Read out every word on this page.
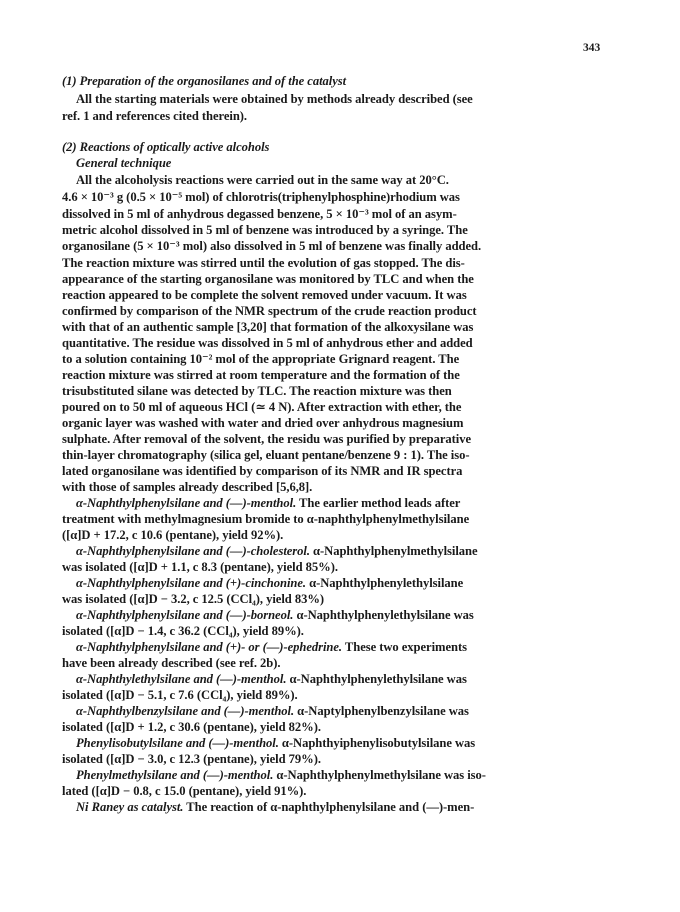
343
(1) Preparation of the organosilanes and of the catalyst
All the starting materials were obtained by methods already described (see
ref. 1 and references cited therein).
(2) Reactions of optically active alcohols
General technique
All the alcoholysis reactions were carried out in the same way at 20°C.
4.6 × 10⁻³ g (0.5 × 10⁻⁵ mol) of chlorotris(triphenylphosphine)rhodium was
dissolved in 5 ml of anhydrous degassed benzene, 5 × 10⁻³ mol of an asym-
metric alcohol dissolved in 5 ml of benzene was introduced by a syringe. The
organosilane (5 × 10⁻³ mol) also dissolved in 5 ml of benzene was finally added.
The reaction mixture was stirred until the evolution of gas stopped. The dis-
appearance of the starting organosilane was monitored by TLC and when the
reaction appeared to be complete the solvent removed under vacuum. It was
confirmed by comparison of the NMR spectrum of the crude reaction product
with that of an authentic sample [3,20] that formation of the alkoxysilane was
quantitative. The residue was dissolved in 5 ml of anhydrous ether and added
to a solution containing 10⁻² mol of the appropriate Grignard reagent. The
reaction mixture was stirred at room temperature and the formation of the
trisubstituted silane was detected by TLC. The reaction mixture was then
poured on to 50 ml of aqueous HCl (≃ 4 N). After extraction with ether, the
organic layer was washed with water and dried over anhydrous magnesium
sulphate. After removal of the solvent, the residu was purified by preparative
thin-layer chromatography (silica gel, eluant pentane/benzene 9 : 1). The iso-
lated organosilane was identified by comparison of its NMR and IR spectra
with those of samples already described [5,6,8].
α-Naphthylphenylsilane and (—)-menthol. The earlier method leads after
treatment with methylmagnesium bromide to α-naphthylphenylmethylsilane
([α]D + 17.2, c 10.6 (pentane), yield 92%).
α-Naphthylphenylsilane and (—)-cholesterol. α-Naphthylphenylmethylsilane
was isolated ([α]D + 1.1, c 8.3 (pentane), yield 85%).
α-Naphthylphenylsilane and (+)-cinchonine. α-Naphthylphenylethylsilane
was isolated ([α]D − 3.2, c 12.5 (CCl₄), yield 83%)
α-Naphthylphenylsilane and (—)-borneol. α-Naphthylphenylethylsilane was
isolated ([α]D − 1.4, c 36.2 (CCl₄), yield 89%).
α-Naphthylphenylsilane and (+)- or (—)-ephedrine. These two experiments
have been already described (see ref. 2b).
α-Naphthylethylsilane and (—)-menthol. α-Naphthylphenylethylsilane was
isolated ([α]D − 5.1, c 7.6 (CCl₄), yield 89%).
α-Naphthylbenzylsilane and (—)-menthol. α-Naptylphenylbenzylsilane was
isolated ([α]D + 1.2, c 30.6 (pentane), yield 82%).
Phenylisobutylsilane and (—)-menthol. α-Naphthyiphenylisobutylsilane was
isolated ([α]D − 3.0, c 12.3 (pentane), yield 79%).
Phenylmethylsilane and (—)-menthol. α-Naphthylphenylmethylsilane was iso-
lated ([α]D − 0.8, c 15.0 (pentane), yield 91%).
Ni Raney as catalyst. The reaction of α-naphthylphenylsilane and (—)-men-
